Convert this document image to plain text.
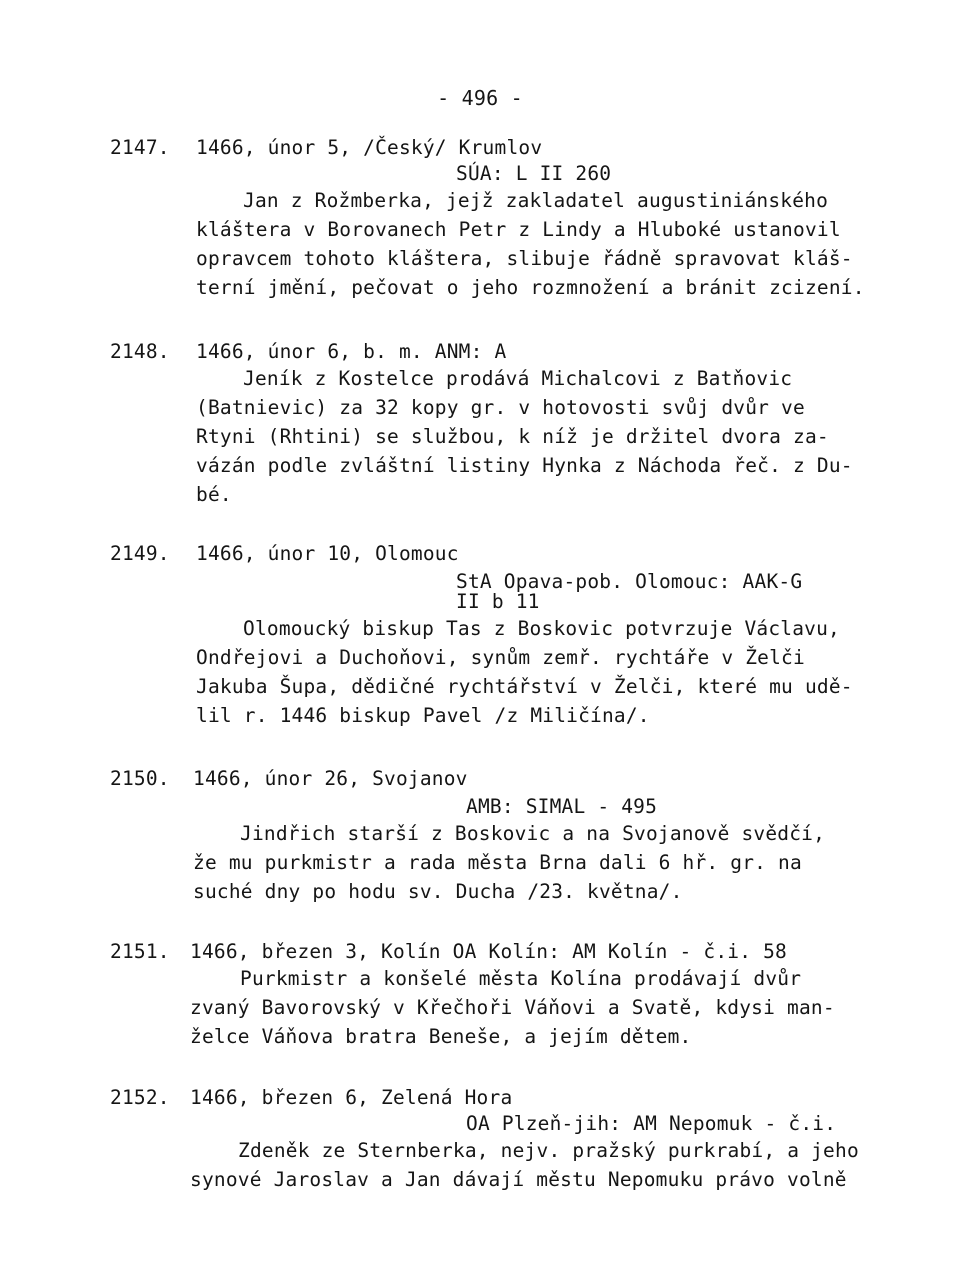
- 496 -
2147. 1466, únor 5, /Český/ Krumlov
SÚA: L II 260
Jan z Rožmberka, jejž zakladatel augustiniánského
kláštera v Borovanech Petr z Lindy a Hluboké ustanovil
opravcem tohoto kláštera, slibuje řádně spravovat kláš-
terní jmění, pečovat o jeho rozmnožení a bránit zcizení.
2148. 1466, únor 6, b. m. ANM: A
Jeník z Kostelce prodává Michalcovi z Batňovic
(Batnievic) za 32 kopy gr. v hotovosti svůj dvůr ve
Rtyni (Rhtini) se službou, k níž je držitel dvora za-
vázán podle zvláštní listiny Hynka z Náchoda řeč. z Du-
bé.
2149. 1466, únor 10, Olomouc
StA Opava-pob. Olomouc: AAK-G
II b 11
Olomoucký biskup Tas z Boskovic potvrzuje Václavu,
Ondřejovi a Duchoňovi, synům zemř. rychtáře v Želči
Jakuba Šupa, dědičné rychtářství v Želči, které mu udě-
lil r. 1446 biskup Pavel /z Miličína/.
2150. 1466, únor 26, Svojanov
AMB: SIMAL - 495
Jindřich starší z Boskovic a na Svojanově svědčí,
že mu purkmistr a rada města Brna dali 6 hř. gr. na
suché dny po hodu sv. Ducha /23. května/.
2151. 1466, březen 3, Kolín OA Kolín: AM Kolín - č.i. 58
Purkmistr a konšelé města Kolína prodávají dvůr
zvaný Bavorovský v Křečhoři Váňovi a Svatě, kdysi man-
želce Váňova bratra Beneše, a jejím dětem.
2152. 1466, březen 6, Zelená Hora
OA Plzeň-jih: AM Nepomuk - č.i.
Zdeněk ze Sternberka, nejv. pražský purkrabí, a jeho
synové Jaroslav a Jan dávají městu Nepomuku právo volně
